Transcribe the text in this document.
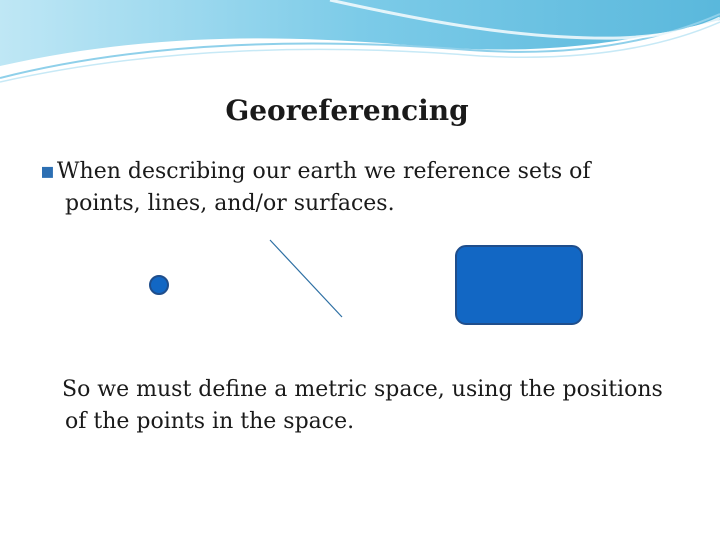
Georeferencing
▪When describing our earth we reference sets of
points, lines, and/or surfaces.
So we must define a metric space, using the positions
of the points in the space.
